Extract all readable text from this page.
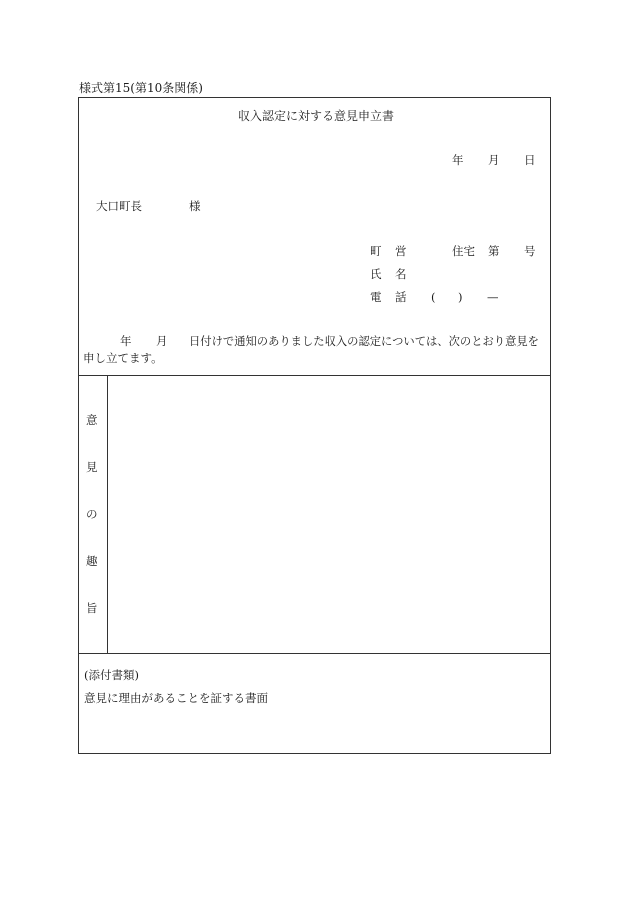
様式第15(第10条関係)
収入認定に対する意見申立書
年 月 日
大口町長	様
町 営	住宅 第 号
氏 名
電 話 ( ) —
年 月 日付けで通知のありました収入の認定については、次のとおり意見を
申し立てます。
意
見
の
趣
旨
(添付書類)
意見に理由があることを証する書面
